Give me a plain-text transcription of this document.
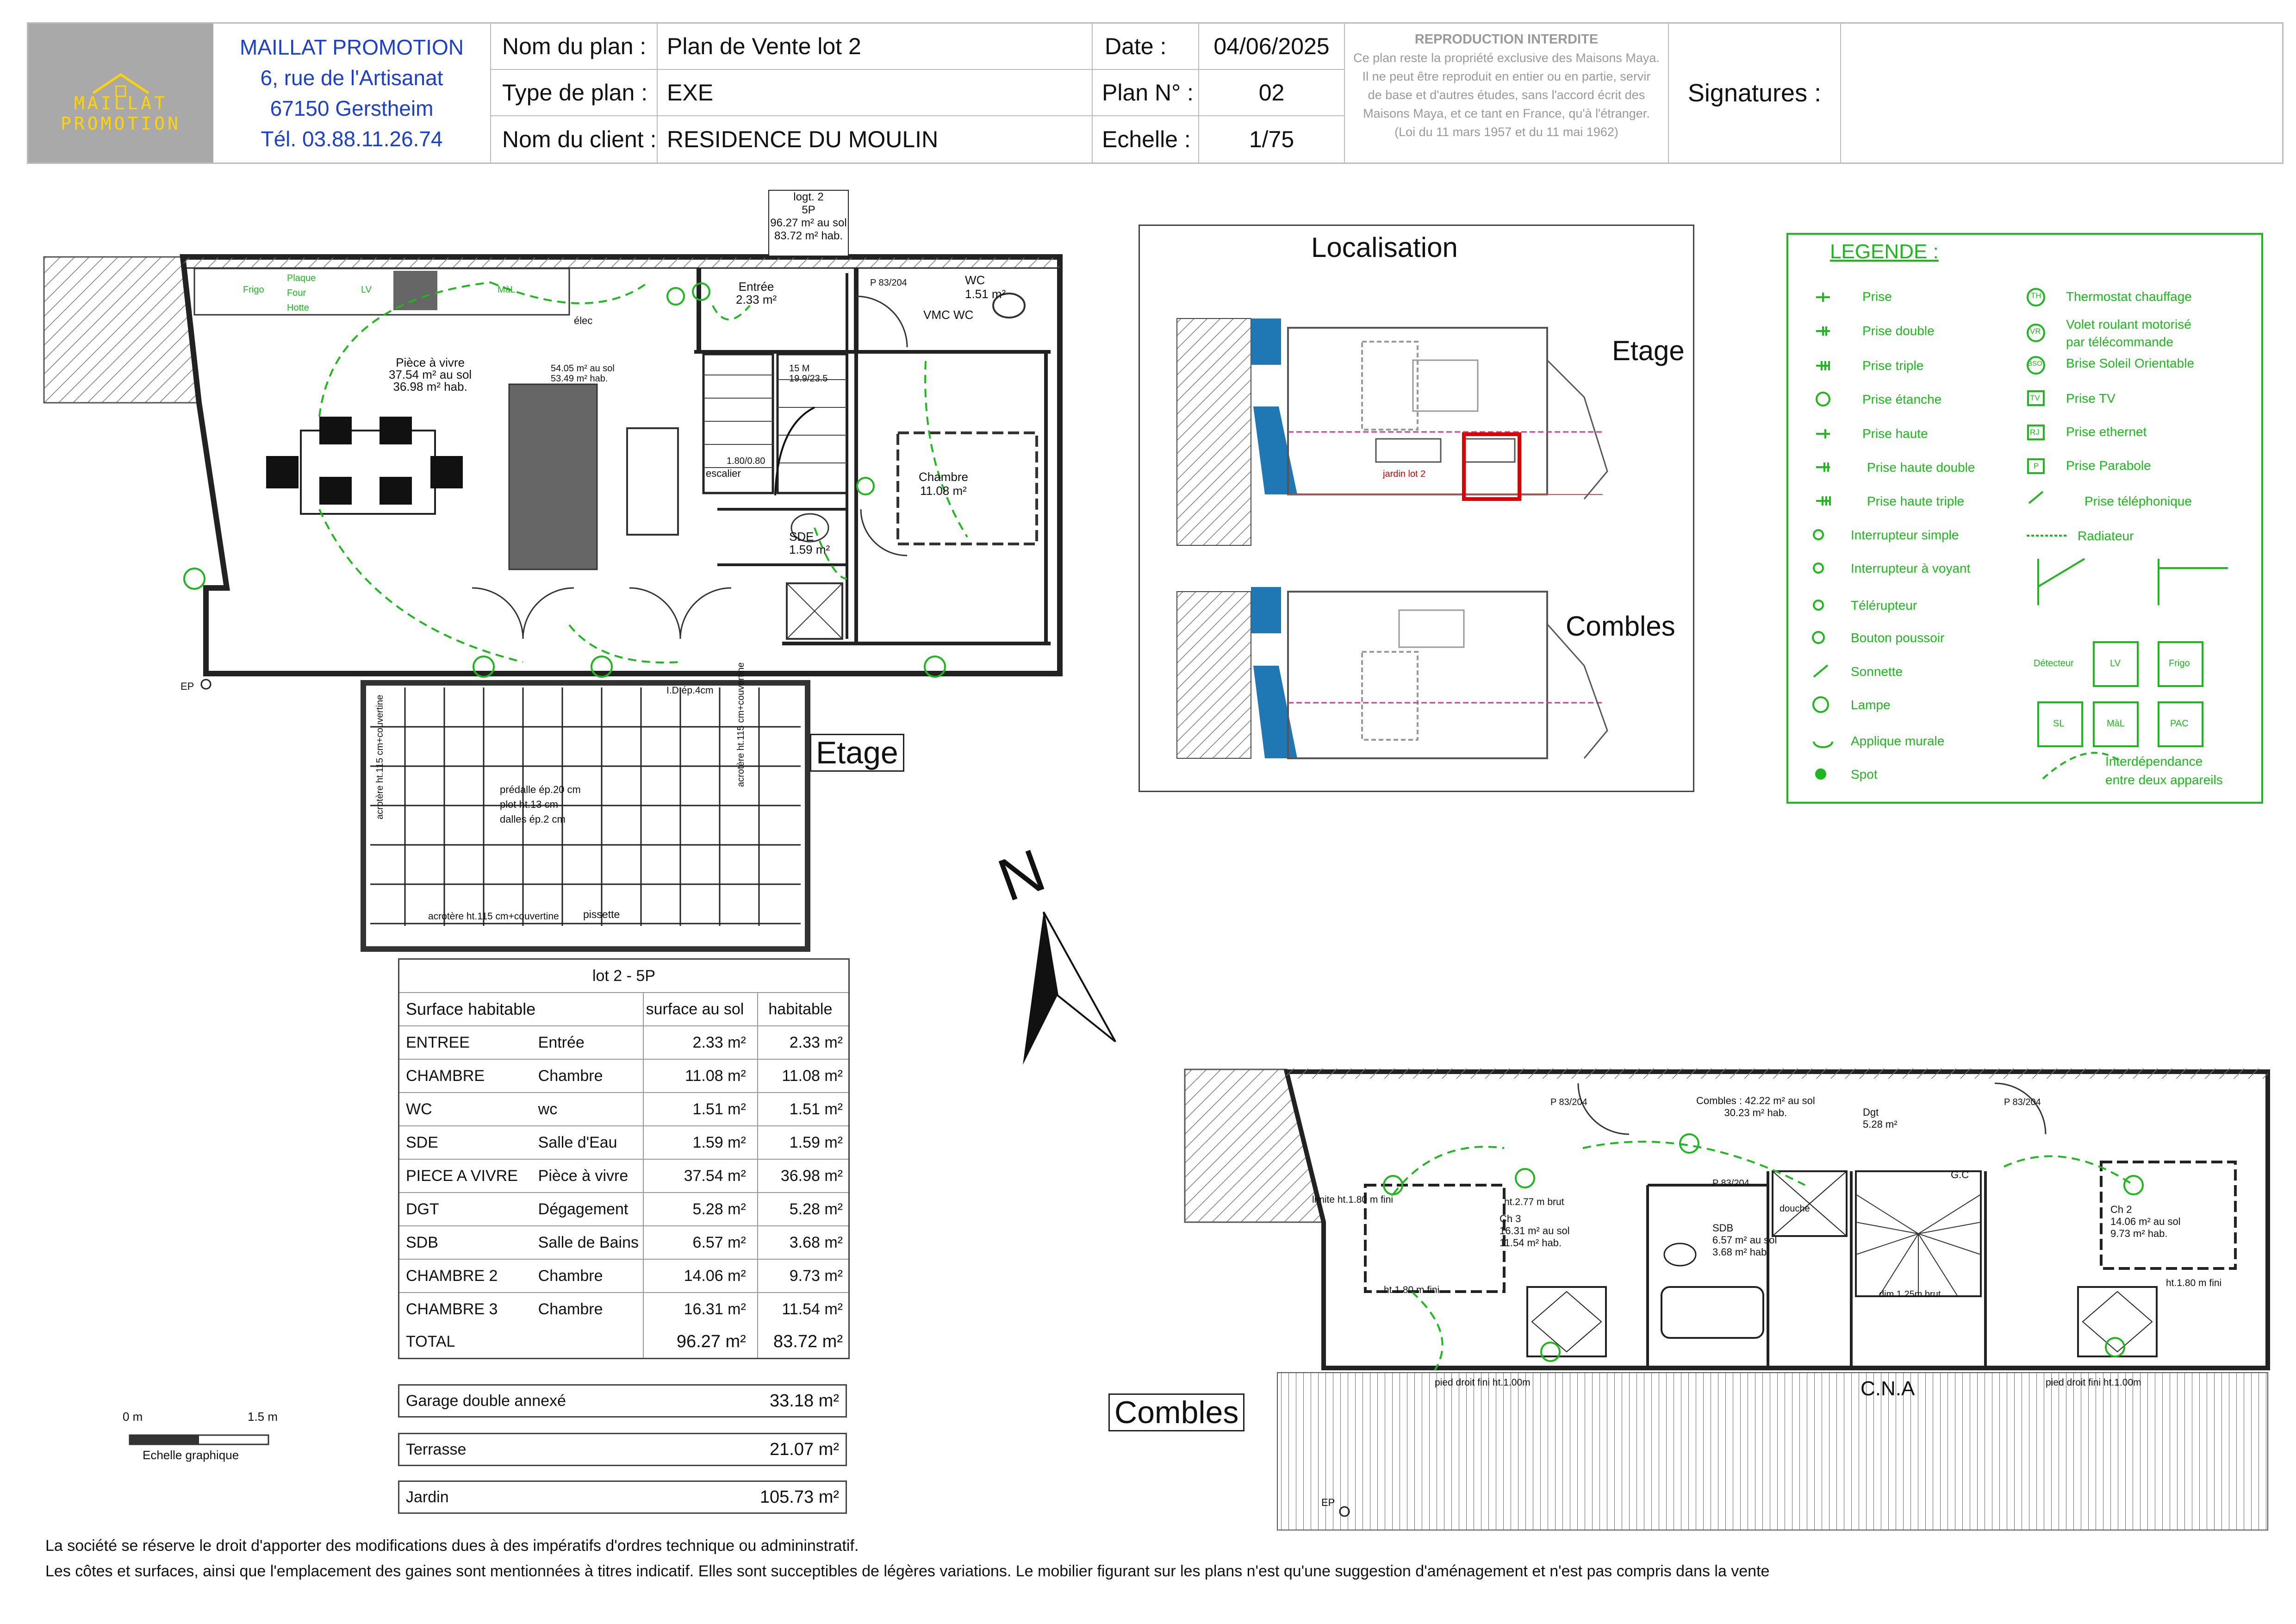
MAILLAT PROMOTION
MAILLAT PROMOTION
6, rue de l'Artisanat
67150 Gerstheim
Tél. 03.88.11.26.74
Nom du plan : Plan de Vente lot 2
Type de plan : EXE
Nom du client : RESIDENCE DU MOULIN
Date :	04/06/2025
Plan N° :	02
Echelle :	1/75
REPRODUCTION INTERDITE
Ce plan reste la propriété exclusive des Maisons Maya.
Il ne peut être reproduit en entier ou en partie, servir
de base et d'autres études, sans l'accord écrit des
Maisons Maya, et ce tant en France, qu'à l'étranger.
(Loi du 11 mars 1957 et du 11 mai 1962)
Signatures :
logt. 2
5P
96.27 m² au sol
83.72 m² hab.
Pièce à vivre
37.54 m² au sol
36.98 m² hab.
54.05 m² au sol
53.49 m² hab.
Entrée
2.33 m²
WC
1.51 m²
VMC WC
Chambre
11.08 m²
SDE
1.59 m²
escalier
1.80/0.80
15 M
19.9/23.5
P 83/204
élec
Frigo
Plaque
Four
Hotte
LV	MàL
EP
prédalle ép.20 cm
plot ht.13 cm
dalles ép.2 cm
acrotère ht.115 cm+couvertine pissette
I.D ép.4cm acrotère ht.115 cm+couvertine
acrotère ht.115 cm+couvertine	Etage
Localisation
Etage
Combles
jardin lot 2
LEGENDE :
Prise
Prise double
Prise triple
Prise étanche
Prise haute
Prise haute double
Prise haute triple
Interrupteur simple
Interrupteur à voyant
Télérupteur
Bouton poussoir
Sonnette
Lampe
Applique murale
Spot
Thermostat chauffage
Volet roulant motorisé
par télécommande
Brise Soleil Orientable
Prise TV
Prise ethernet
Prise Parabole
Prise téléphonique
Radiateur
TH
VR
BSO
TV
RJ
P
Détecteur	LV	Frigo
SL	MàL	PAC
Interdépendance
entre deux appareils
N
lot 2 - 5P
Surface habitable	surface au sol	habitable
ENTREE	Entrée	2.33 m²	2.33 m²
CHAMBRE	Chambre	11.08 m²	11.08 m²
WC	wc	1.51 m²	1.51 m²
SDE	Salle d'Eau	1.59 m²	1.59 m²
PIECE A VIVRE	Pièce à vivre	37.54 m²	36.98 m²
DGT	Dégagement	5.28 m²	5.28 m²
SDB	Salle de Bains	6.57 m²	3.68 m²
CHAMBRE 2	Chambre	14.06 m²	9.73 m²
CHAMBRE 3	Chambre	16.31 m²	11.54 m²
TOTAL	96.27 m²	83.72 m²
Garage double annexé	33.18 m²
Terrasse	21.07 m²
Jardin	105.73 m²
0 m	1.5 m
Echelle graphique
Combles : 42.22 m² au sol
30.23 m² hab.	Dgt
5.28 m²
Ch 3
16.31 m² au sol
11.54 m² hab.
SDB
6.57 m² au sol
3.68 m² hab.
Ch 2
14.06 m² au sol
9.73 m² hab.
G.C
P 83/204	P 83/204
P 83/204
limite ht.1.80 m fini
ht.1.80 m fini
ht.1.80 m fini
pied droit fini ht.1.00m	pied droit fini ht.1.00m
ht.2.77 m brut
douche
dim.1.25m brut
C.N.A
EP
Combles
La société se réserve le droit d'apporter des modifications dues à des impératifs d'ordres technique ou admininstratif.
Les côtes et surfaces, ainsi que l'emplacement des gaines sont mentionnées à titres indicatif. Elles sont succeptibles de légères variations. Le mobilier figurant sur les plans n'est qu'une suggestion d'aménagement et n'est pas compris dans la vente
